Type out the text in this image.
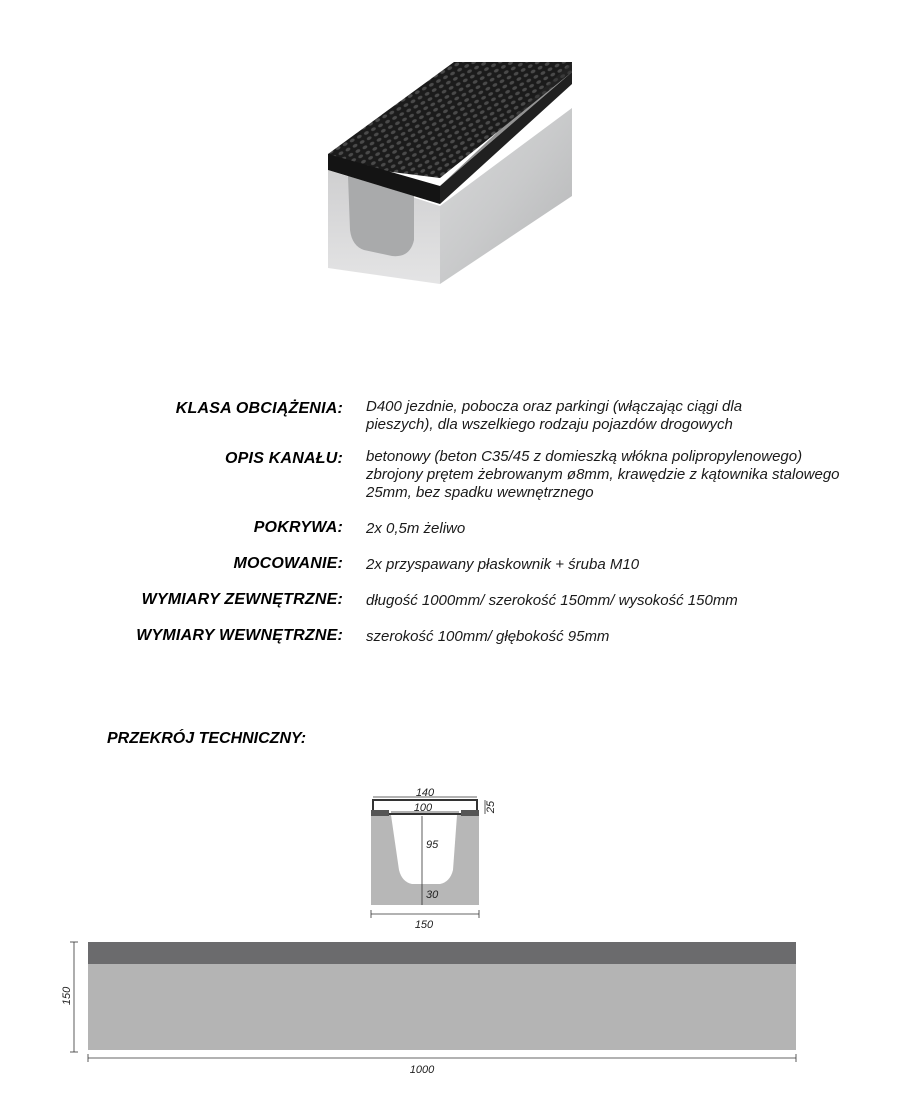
KLASA OBCIĄŻENIA: D400 jezdnie, pobocza oraz parkingi (włączając ciągi dla pieszych), dla wszelkiego rodzaju pojazdów drogowych
OPIS KANAŁU: betonowy (beton C35/45 z domieszką włókna polipropylenowego) zbrojony prętem żebrowanym ø8mm, krawędzie z kątownika stalowego 25mm, bez spadku wewnętrznego
POKRYWA: 2x 0,5m żeliwo
MOCOWANIE: 2x przyspawany płaskownik + śruba M10
WYMIARY ZEWNĘTRZNE: długość 1000mm/ szerokość 150mm/ wysokość 150mm
WYMIARY WEWNĘTRZNE: szerokość 100mm/ głębokość 95mm
PRZEKRÓJ TECHNICZNY:
140
100	25
95
30
150
150
1000
